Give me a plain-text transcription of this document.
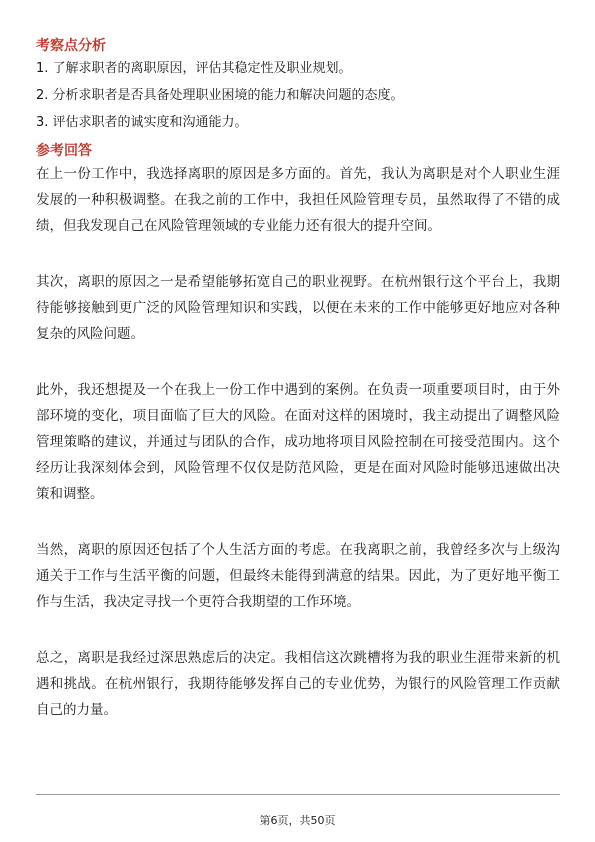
考察点分析
1. 了解求职者的离职原因，评估其稳定性及职业规划。
2. 分析求职者是否具备处理职业困境的能力和解决问题的态度。
3. 评估求职者的诚实度和沟通能力。
参考回答

在上一份工作中，我选择离职的原因是多方面的。首先，我认为离职是对个人职业生涯发展的一种积极调整。在我之前的工作中，我担任风险管理专员，虽然取得了不错的成绩，但我发现自己在风险管理领域的专业能力还有很大的提升空间。

其次，离职的原因之一是希望能够拓宽自己的职业视野。在杭州银行这个平台上，我期待能够接触到更广泛的风险管理知识和实践，以便在未来的工作中能够更好地应对各种复杂的风险问题。

此外，我还想提及一个在我上一份工作中遇到的案例。在负责一项重要项目时，由于外部环境的变化，项目面临了巨大的风险。在面对这样的困境时，我主动提出了调整风险管理策略的建议，并通过与团队的合作，成功地将项目风险控制在可接受范围内。这个经历让我深刻体会到，风险管理不仅仅是防范风险，更是在面对风险时能够迅速做出决策和调整。

当然，离职的原因还包括了个人生活方面的考虑。在我离职之前，我曾经多次与上级沟通关于工作与生活平衡的问题，但最终未能得到满意的结果。因此，为了更好地平衡工作与生活，我决定寻找一个更符合我期望的工作环境。

总之，离职是我经过深思熟虑后的决定。我相信这次跳槽将为我的职业生涯带来新的机遇和挑战。在杭州银行，我期待能够发挥自己的专业优势，为银行的风险管理工作贡献自己的力量。

第6页，共50页
